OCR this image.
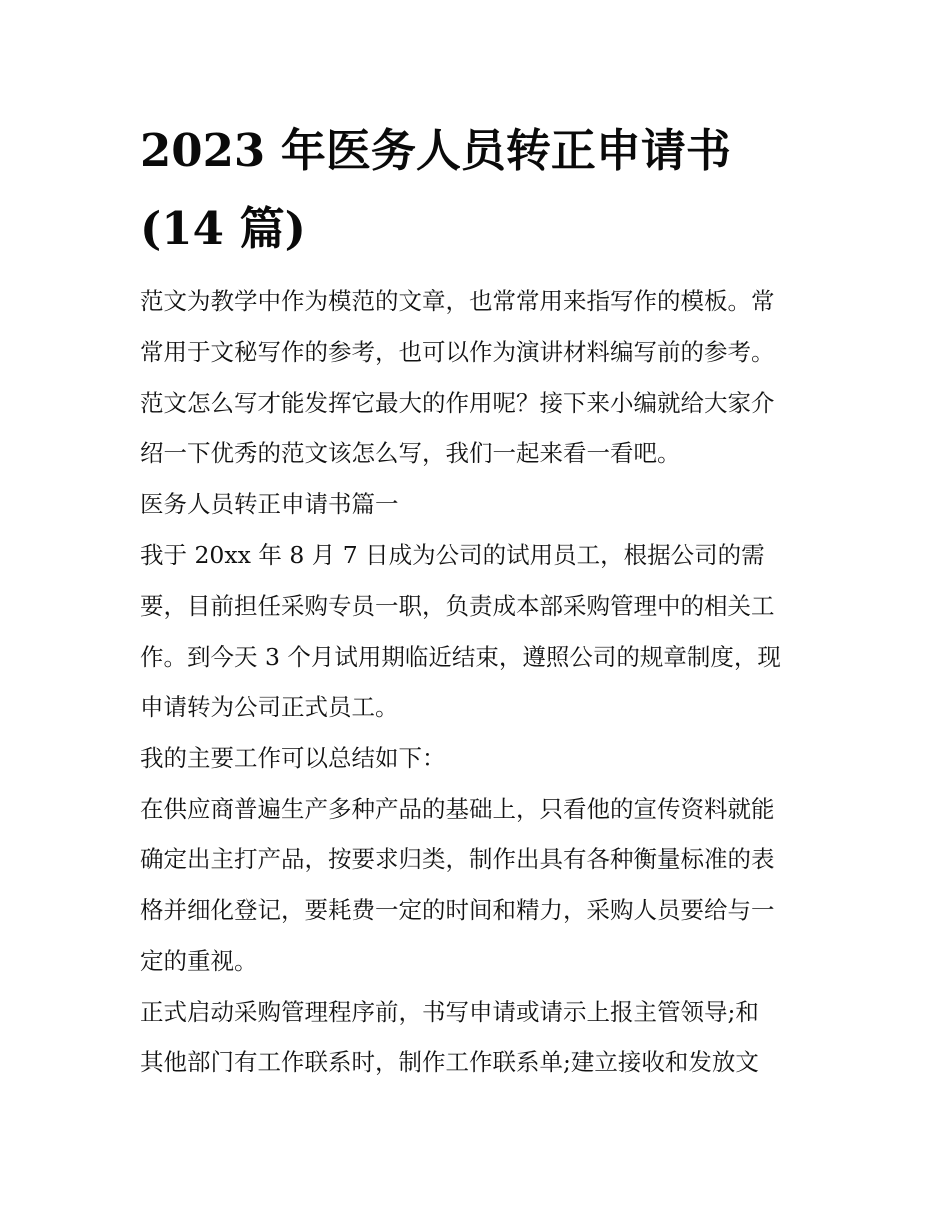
2023 年医务人员转正申请书
(14 篇)

范文为教学中作为模范的文章，也常常用来指写作的模板。常

常用于文秘写作的参考，也可以作为演讲材料编写前的参考。

范文怎么写才能发挥它最大的作用呢？接下来小编就给大家介

绍一下优秀的范文该怎么写，我们一起来看一看吧。

医务人员转正申请书篇一

我于 20xx 年 8 月 7 日成为公司的试用员工，根据公司的需

要，目前担任采购专员一职，负责成本部采购管理中的相关工

作。到今天 3 个月试用期临近结束，遵照公司的规章制度，现

申请转为公司正式员工。

我的主要工作可以总结如下：

在供应商普遍生产多种产品的基础上，只看他的宣传资料就能

确定出主打产品，按要求归类，制作出具有各种衡量标准的表

格并细化登记，要耗费一定的时间和精力，采购人员要给与一

定的重视。

正式启动采购管理程序前，书写申请或请示上报主管领导;和

其他部门有工作联系时，制作工作联系单;建立接收和发放文
